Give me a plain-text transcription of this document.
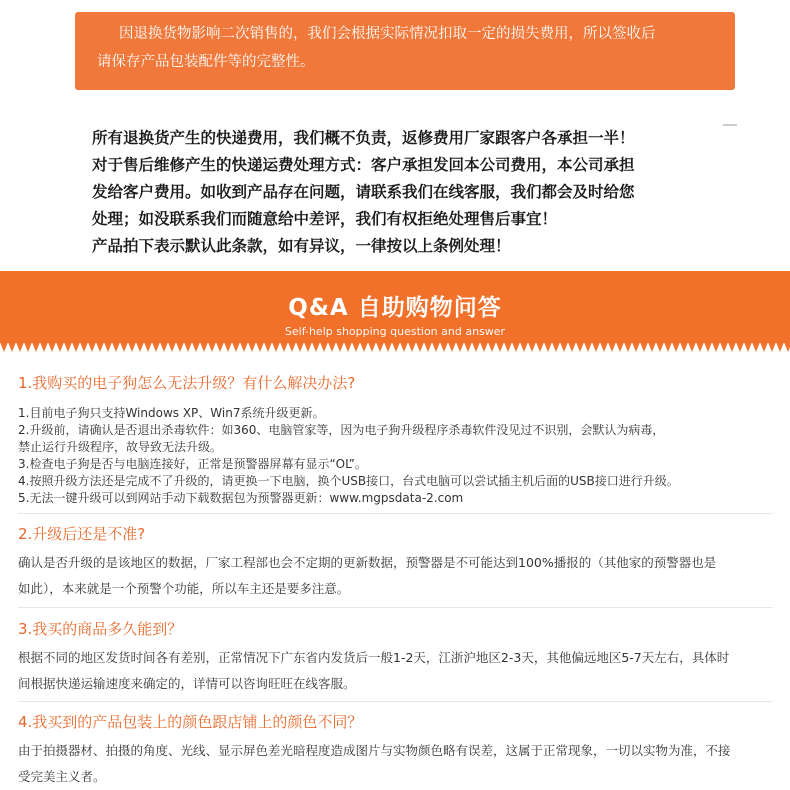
因退换货物影响二次销售的，我们会根据实际情况扣取一定的损失费用，所以签收后

请保存产品包装配件等的完整性。

所有退换货产生的快递费用，我们概不负责，返修费用厂家跟客户各承担一半！

对于售后维修产生的快递运费处理方式：客户承担发回本公司费用，本公司承担

发给客户费用。如收到产品存在问题，请联系我们在线客服，我们都会及时给您

处理；如没联系我们而随意给中差评，我们有权拒绝处理售后事宜！

产品拍下表示默认此条款，如有异议，一律按以上条例处理！

Q&A 自助购物问答
Self-help shopping question and answer

1.我购买的电子狗怎么无法升级？有什么解决办法?

1.目前电子狗只支持Windows XP、Win7系统升级更新。
2.升级前，请确认是否退出杀毒软件：如360、电脑管家等，因为电子狗升级程序杀毒软件没见过不识别，会默认为病毒，
禁止运行升级程序，故导致无法升级。
3.检查电子狗是否与电脑连接好，正常是预警器屏幕有显示“OL”。
4.按照升级方法还是完成不了升级的，请更换一下电脑，换个USB接口，台式电脑可以尝试插主机后面的USB接口进行升级。
5.无法一键升级可以到网站手动下载数据包为预警器更新：www.mgpsdata-2.com

2.升级后还是不准?

确认是否升级的是该地区的数据，厂家工程部也会不定期的更新数据，预警器是不可能达到100%播报的（其他家的预警器也是

如此），本来就是一个预警个功能，所以车主还是要多注意。

3.我买的商品多久能到？

根据不同的地区发货时间各有差别，正常情况下广东省内发货后一般1-2天，江浙沪地区2-3天，其他偏远地区5-7天左右，具体时

间根据快递运输速度来确定的，详情可以咨询旺旺在线客服。

4.我买到的产品包装上的颜色跟店铺上的颜色不同？

由于拍摄器材、拍摄的角度、光线、显示屏色差光暗程度造成图片与实物颜色略有误差，这属于正常现象，一切以实物为准，不接

受完美主义者。
